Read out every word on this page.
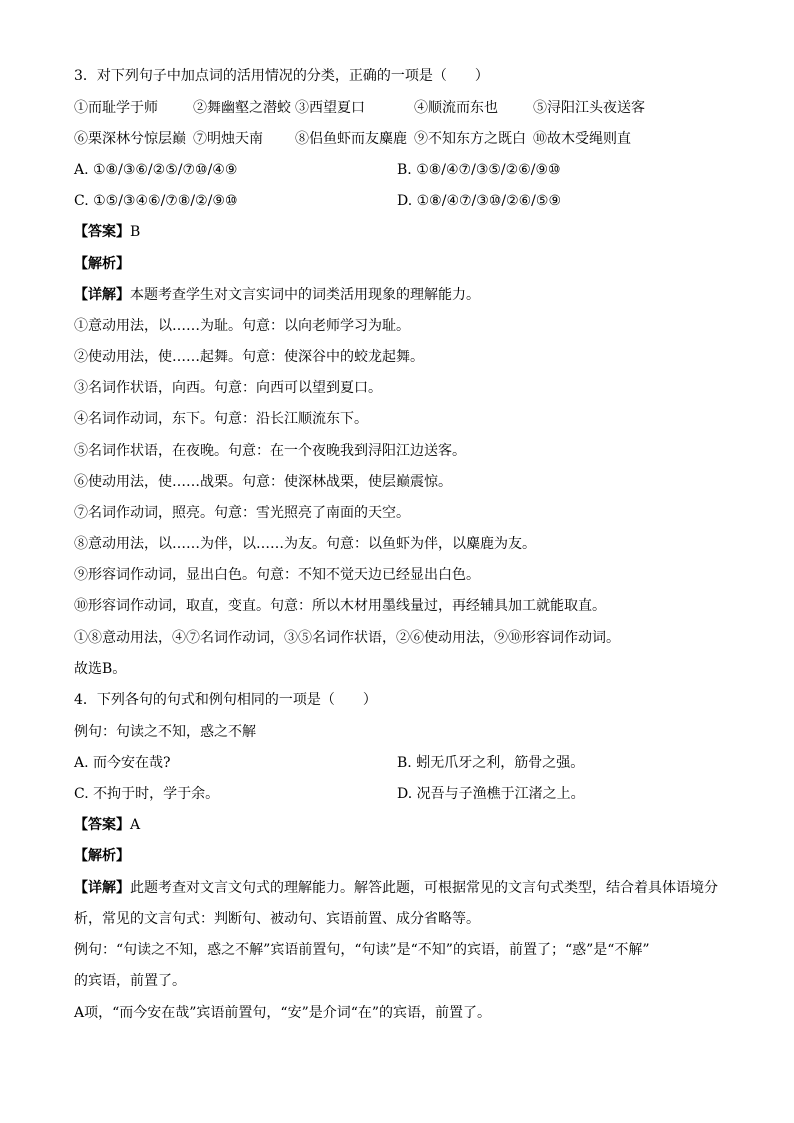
3．对下列句子中加点词的活用情况的分类，正确的一项是（　　）
①而耻学于师	②舞幽壑之潜蛟 ③西望夏口	④顺流而东也	⑤浔阳江头夜送客
⑥栗深林兮惊层巅 ⑦明烛天南 ⑧侣鱼虾而友麋鹿 ⑨不知东方之既白 ⑩故木受绳则直
A. ①⑧/③⑥/②⑤/⑦⑩/④⑨	B. ①⑧/④⑦/③⑤/②⑥/⑨⑩
C. ①⑤/③④⑥/⑦⑧/②/⑨⑩	D. ①⑧/④⑦/③⑩/②⑥/⑤⑨
【答案】B
【解析】
【详解】本题考查学生对文言实词中的词类活用现象的理解能力。
①意动用法，以……为耻。句意：以向老师学习为耻。
②使动用法，使……起舞。句意：使深谷中的蛟龙起舞。
③名词作状语，向西。句意：向西可以望到夏口。
④名词作动词，东下。句意：沿长江顺流东下。
⑤名词作状语，在夜晚。句意：在一个夜晚我到浔阳江边送客。
⑥使动用法，使……战栗。句意：使深林战栗，使层巅震惊。
⑦名词作动词，照亮。句意：雪光照亮了南面的天空。
⑧意动用法，以……为伴，以……为友。句意：以鱼虾为伴，以麋鹿为友。
⑨形容词作动词，显出白色。句意：不知不觉天边已经显出白色。
⑩形容词作动词，取直，变直。句意：所以木材用墨线量过，再经辅具加工就能取直。
①⑧意动用法，④⑦名词作动词，③⑤名词作状语，②⑥使动用法，⑨⑩形容词作动词。
故选B。
4．下列各句的句式和例句相同的一项是（　　）
例句：句读之不知，惑之不解
A. 而今安在哉?	B. 蚓无爪牙之利，筋骨之强。
C. 不拘于时，学于余。	D. 况吾与子渔樵于江渚之上。
【答案】A
【解析】
【详解】此题考查对文言文句式的理解能力。解答此题，可根据常见的文言句式类型，结合着具体语境分
析，常见的文言句式：判断句、被动句、宾语前置、成分省略等。
例句：“句读之不知，惑之不解”宾语前置句，“句读”是“不知”的宾语，前置了；“惑”是“不解”
的宾语，前置了。
A项，“而今安在哉”宾语前置句，“安”是介词“在”的宾语，前置了。
